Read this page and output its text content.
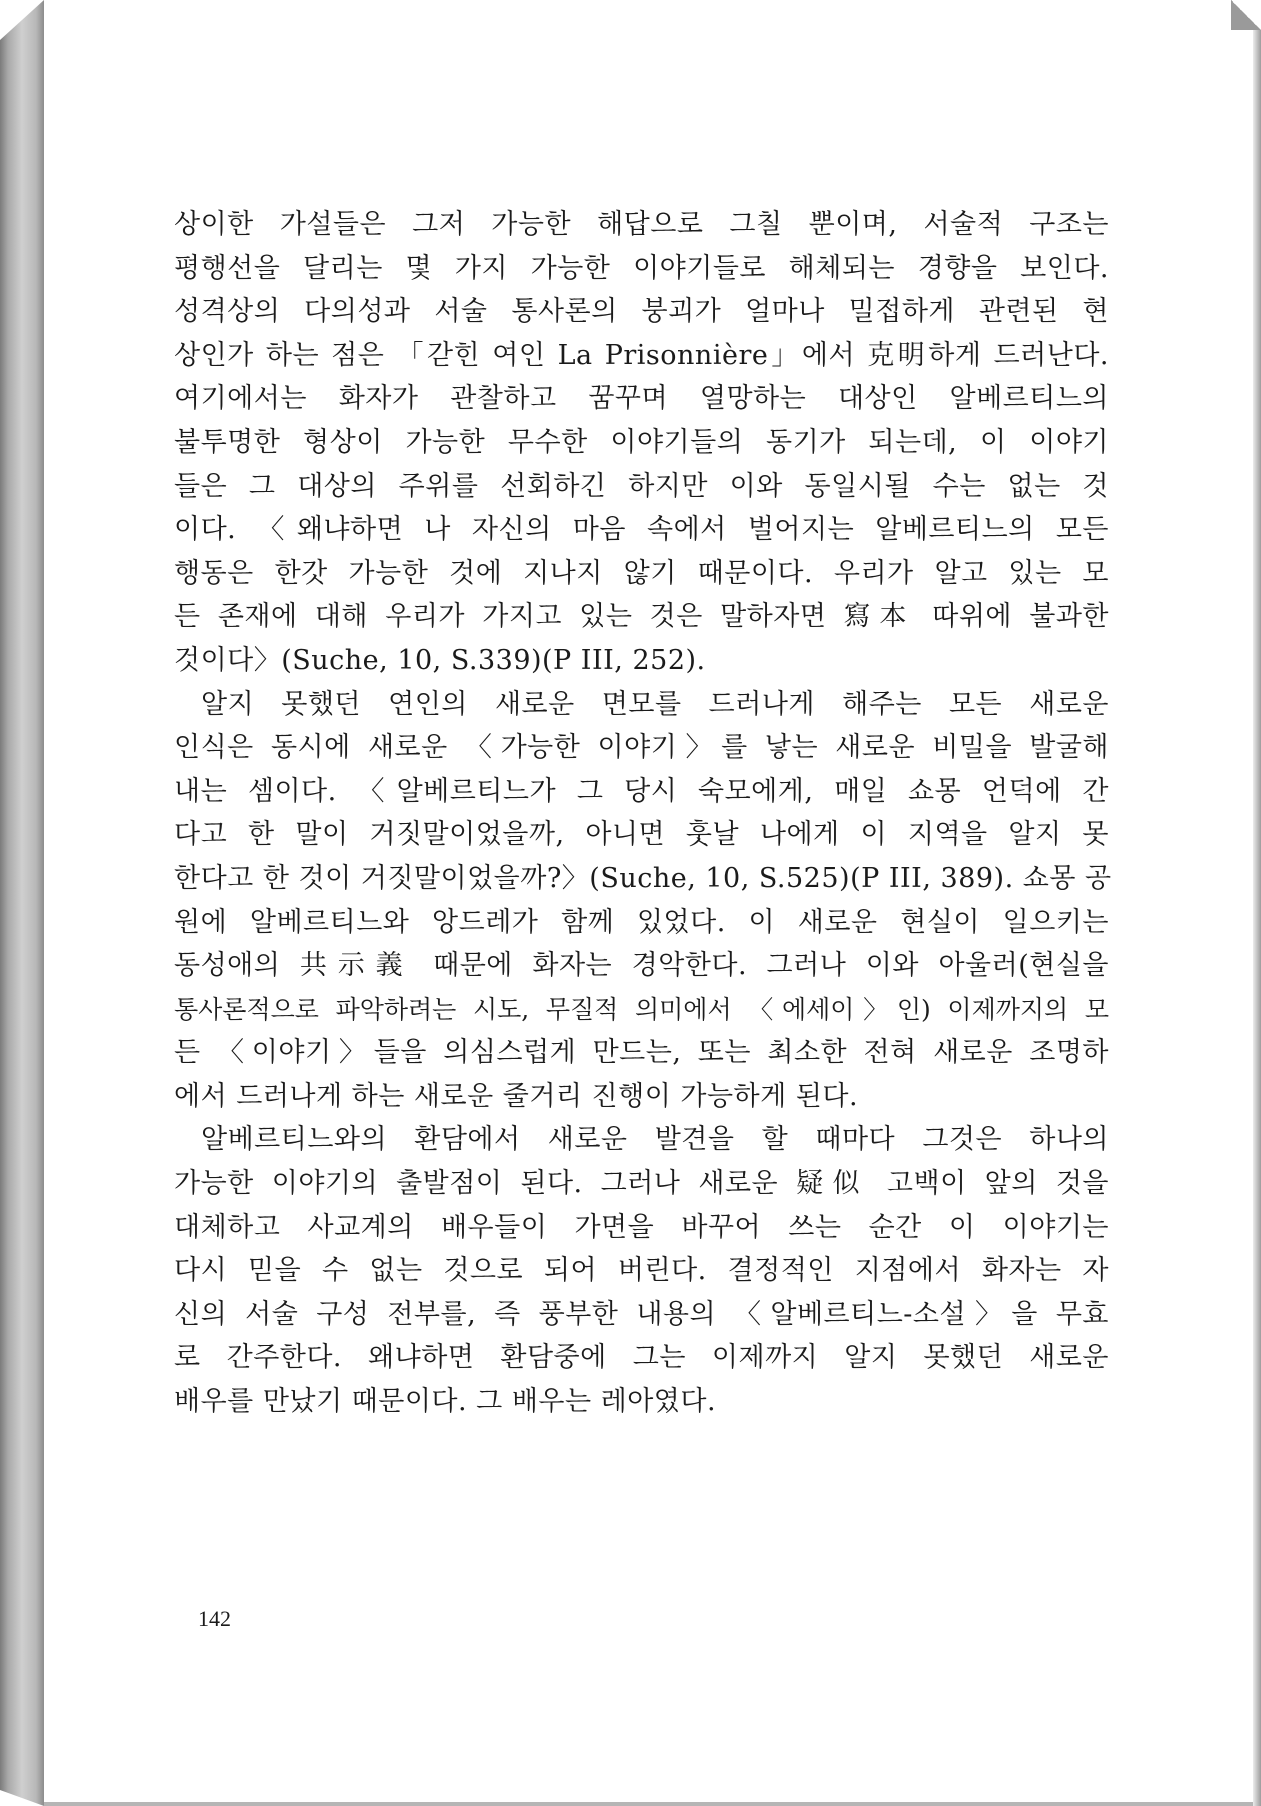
상이한 가설들은 그저 가능한 해답으로 그칠 뿐이며, 서술적 구조는
평행선을 달리는 몇 가지 가능한 이야기들로 해체되는 경향을 보인다.
성격상의 다의성과 서술 통사론의 붕괴가 얼마나 밀접하게 관련된 현
상인가 하는 점은 「갇힌 여인 La Prisonnière」에서 克明하게 드러난다.
여기에서는 화자가 관찰하고 꿈꾸며 열망하는 대상인 알베르티느의
불투명한 형상이 가능한 무수한 이야기들의 동기가 되는데, 이 이야기
들은 그 대상의 주위를 선회하긴 하지만 이와 동일시될 수는 없는 것
이다. 〈왜냐하면 나 자신의 마음 속에서 벌어지는 알베르티느의 모든
행동은 한갓 가능한 것에 지나지 않기 때문이다. 우리가 알고 있는 모
든 존재에 대해 우리가 가지고 있는 것은 말하자면 寫本 따위에 불과한
것이다〉(Suche, 10, S.339)(P III, 252).
알지 못했던 연인의 새로운 면모를 드러나게 해주는 모든 새로운
인식은 동시에 새로운 〈가능한 이야기〉를 낳는 새로운 비밀을 발굴해
내는 셈이다. 〈알베르티느가 그 당시 숙모에게, 매일 쇼몽 언덕에 간
다고 한 말이 거짓말이었을까, 아니면 훗날 나에게 이 지역을 알지 못
한다고 한 것이 거짓말이었을까?〉(Suche, 10, S.525)(P III, 389). 쇼몽 공
원에 알베르티느와 앙드레가 함께 있었다. 이 새로운 현실이 일으키는
동성애의 共示義 때문에 화자는 경악한다. 그러나 이와 아울러(현실을
통사론적으로 파악하려는 시도, 무질적 의미에서 〈에세이〉인) 이제까지의 모
든 〈이야기〉들을 의심스럽게 만드는, 또는 최소한 전혀 새로운 조명하
에서 드러나게 하는 새로운 줄거리 진행이 가능하게 된다.
알베르티느와의 환담에서 새로운 발견을 할 때마다 그것은 하나의
가능한 이야기의 출발점이 된다. 그러나 새로운 疑似 고백이 앞의 것을
대체하고 사교계의 배우들이 가면을 바꾸어 쓰는 순간 이 이야기는
다시 믿을 수 없는 것으로 되어 버린다. 결정적인 지점에서 화자는 자
신의 서술 구성 전부를, 즉 풍부한 내용의 〈알베르티느-소설〉을 무효
로 간주한다. 왜냐하면 환담중에 그는 이제까지 알지 못했던 새로운
배우를 만났기 때문이다. 그 배우는 레아였다.
142
